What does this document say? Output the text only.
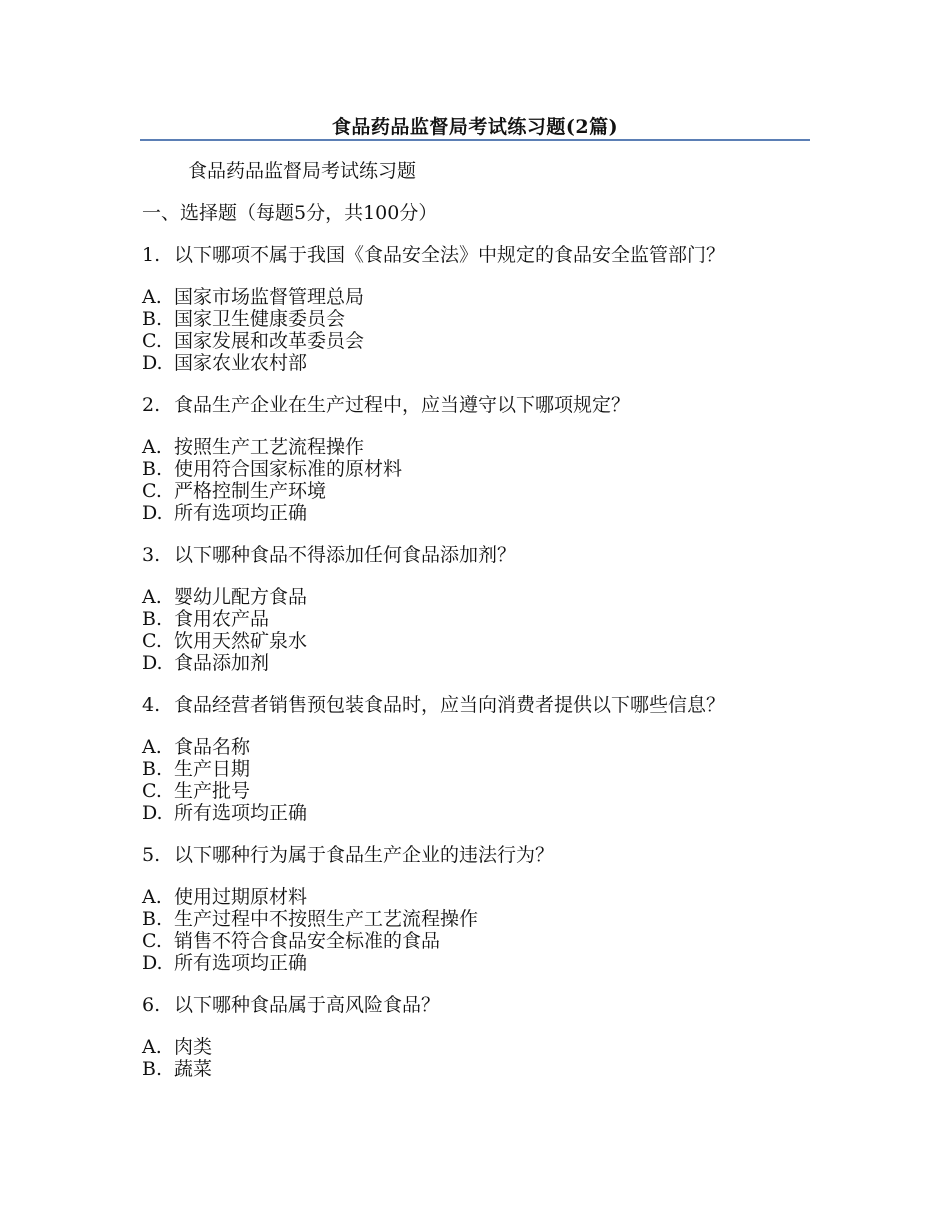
食品药品监督局考试练习题(2篇)
食品药品监督局考试练习题
一、选择题（每题5分，共100分）
1. 以下哪项不属于我国《食品安全法》中规定的食品安全监管部门？
A. 国家市场监督管理总局
B. 国家卫生健康委员会
C. 国家发展和改革委员会
D. 国家农业农村部
2. 食品生产企业在生产过程中，应当遵守以下哪项规定？
A. 按照生产工艺流程操作
B. 使用符合国家标准的原材料
C. 严格控制生产环境
D. 所有选项均正确
3. 以下哪种食品不得添加任何食品添加剂？
A. 婴幼儿配方食品
B. 食用农产品
C. 饮用天然矿泉水
D. 食品添加剂
4. 食品经营者销售预包装食品时，应当向消费者提供以下哪些信息？
A. 食品名称
B. 生产日期
C. 生产批号
D. 所有选项均正确
5. 以下哪种行为属于食品生产企业的违法行为？
A. 使用过期原材料
B. 生产过程中不按照生产工艺流程操作
C. 销售不符合食品安全标准的食品
D. 所有选项均正确
6. 以下哪种食品属于高风险食品？
A. 肉类
B. 蔬菜
